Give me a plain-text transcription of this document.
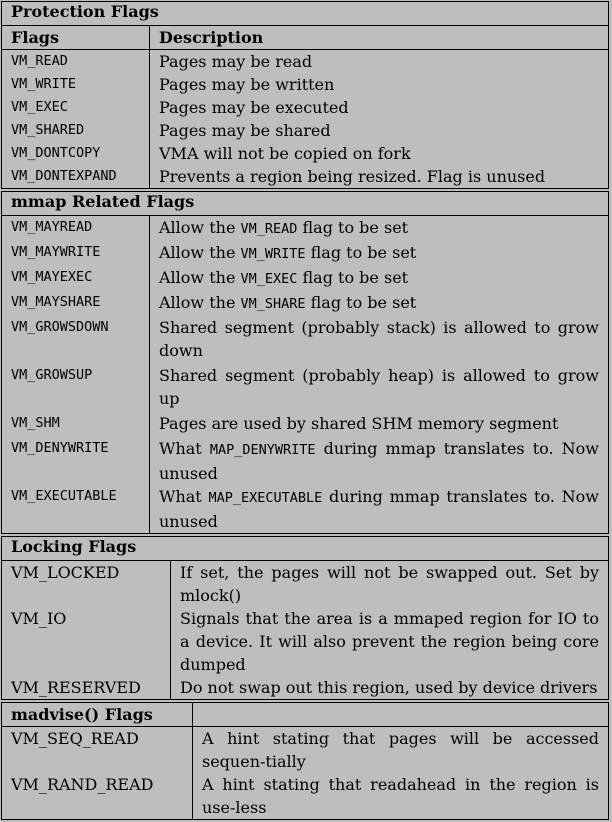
Protection Flags
Flags	Description
VM_READ	Pages may be read
VM_WRITE	Pages may be written
VM_EXEC	Pages may be executed
VM_SHARED	Pages may be shared
VM_DONTCOPY	VMA will not be copied on fork
VM_DONTEXPAND	Prevents a region being resized. Flag is unused
mmap Related Flags
VM_MAYREAD	Allow the VM_READ flag to be set
VM_MAYWRITE	Allow the VM_WRITE flag to be set
VM_MAYEXEC	Allow the VM_EXEC flag to be set
VM_MAYSHARE	Allow the VM_SHARE flag to be set
VM_GROWSDOWN	Shared segment (probably stack) is allowed to grow down
VM_GROWSUP	Shared segment (probably heap) is allowed to grow up
VM_SHM	Pages are used by shared SHM memory segment
VM_DENYWRITE	What MAP_DENYWRITE during mmap translates to. Now unused
VM_EXECUTABLE	What MAP_EXECUTABLE during mmap translates to. Now unused
Locking Flags
VM_LOCKED	If set, the pages will not be swapped out. Set by mlock()
VM_IO	Signals that the area is a mmaped region for IO to a device. It will also prevent the region being core dumped
VM_RESERVED	Do not swap out this region, used by device drivers
madvise() Flags
VM_SEQ_READ	A hint stating that pages will be accessed sequen-tially
VM_RAND_READ	A hint stating that readahead in the region is use-less
